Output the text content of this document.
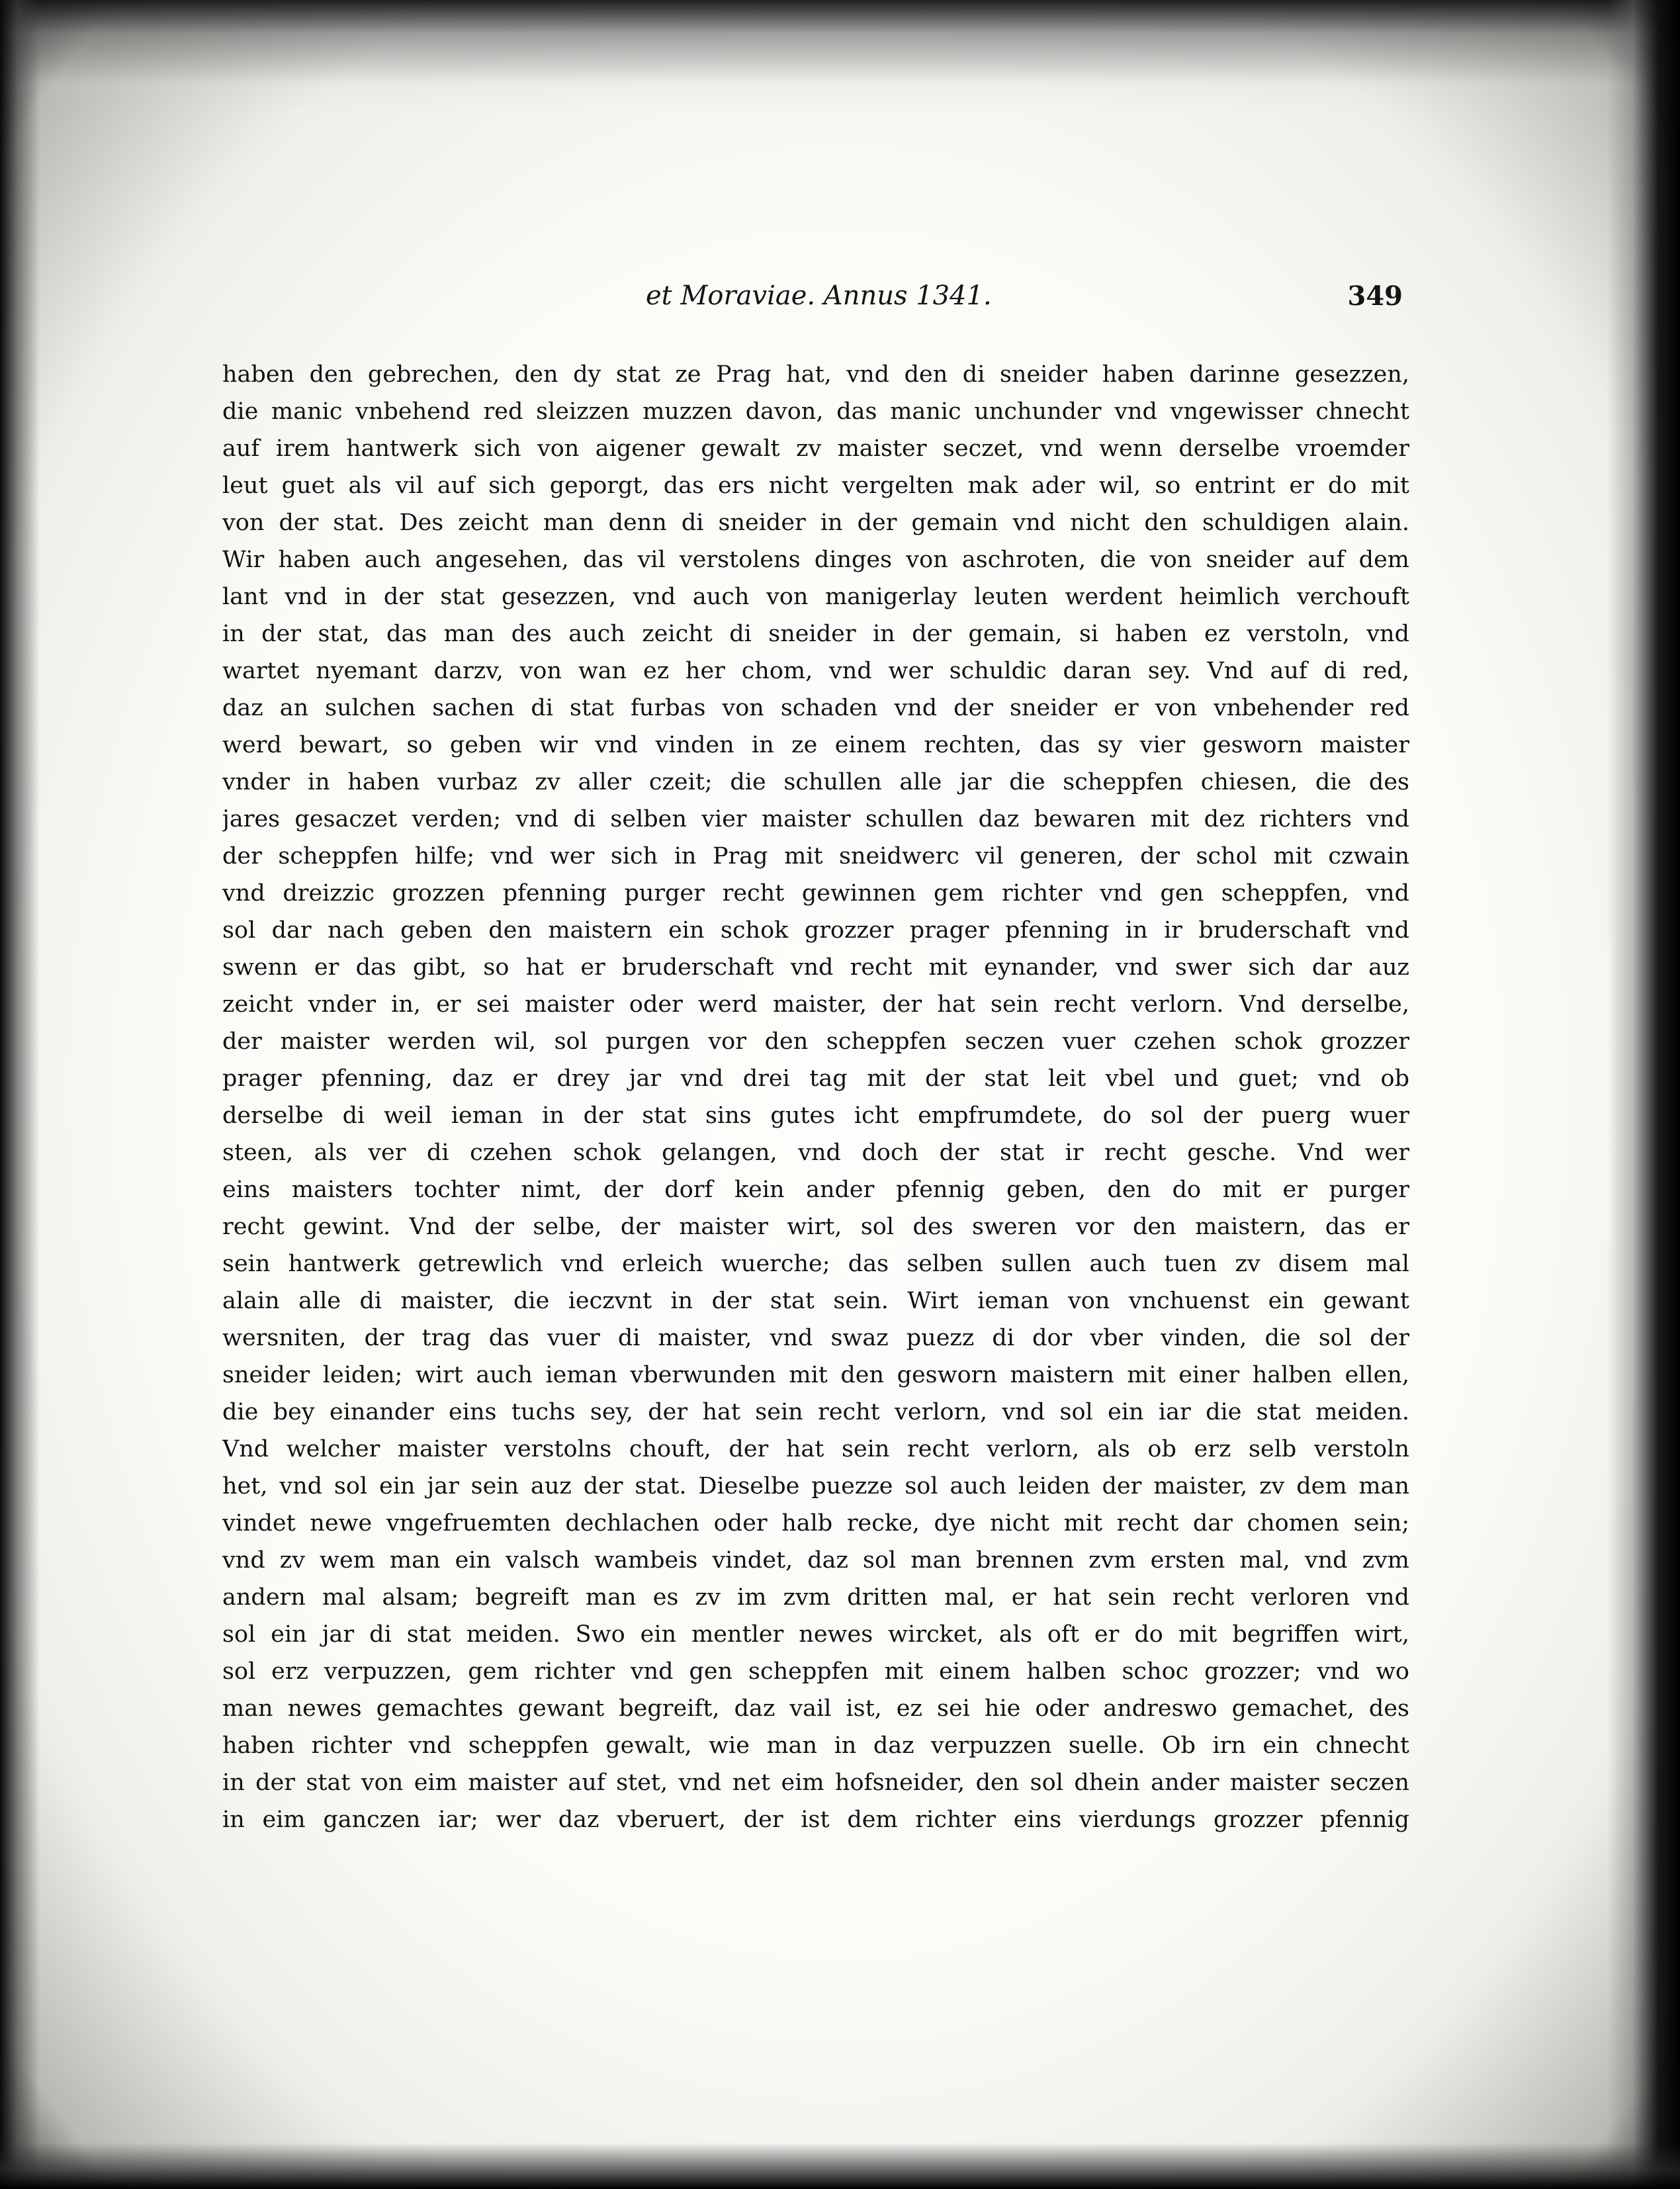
et Moraviae. Annus 1341.	349
haben den gebrechen, den dy stat ze Prag hat, vnd den di sneider haben darinne gesezzen,
die manic vnbehend red sleizzen muzzen davon, das manic unchunder vnd vngewisser chnecht
auf irem hantwerk sich von aigener gewalt zv maister seczet, vnd wenn derselbe vroemder
leut guet als vil auf sich geporgt, das ers nicht vergelten mak ader wil, so entrint er do mit
von der stat. Des zeicht man denn di sneider in der gemain vnd nicht den schuldigen alain.
Wir haben auch angesehen, das vil verstolens dinges von aschroten, die von sneider auf dem
lant vnd in der stat gesezzen, vnd auch von manigerlay leuten werdent heimlich verchouft
in der stat, das man des auch zeicht di sneider in der gemain, si haben ez verstoln, vnd
wartet nyemant darzv, von wan ez her chom, vnd wer schuldic daran sey. Vnd auf di red,
daz an sulchen sachen di stat furbas von schaden vnd der sneider er von vnbehender red
werd bewart, so geben wir vnd vinden in ze einem rechten, das sy vier gesworn maister
vnder in haben vurbaz zv aller czeit; die schullen alle jar die scheppfen chiesen, die des
jares gesaczet verden; vnd di selben vier maister schullen daz bewaren mit dez richters vnd
der scheppfen hilfe; vnd wer sich in Prag mit sneidwerc vil generen, der schol mit czwain
vnd dreizzic grozzen pfenning purger recht gewinnen gem richter vnd gen scheppfen, vnd
sol dar nach geben den maistern ein schok grozzer prager pfenning in ir bruderschaft vnd
swenn er das gibt, so hat er bruderschaft vnd recht mit eynander, vnd swer sich dar auz
zeicht vnder in, er sei maister oder werd maister, der hat sein recht verlorn. Vnd derselbe,
der maister werden wil, sol purgen vor den scheppfen seczen vuer czehen schok grozzer
prager pfenning, daz er drey jar vnd drei tag mit der stat leit vbel und guet; vnd ob
derselbe di weil ieman in der stat sins gutes icht empfrumdete, do sol der puerg wuer
steen, als ver di czehen schok gelangen, vnd doch der stat ir recht gesche. Vnd wer
eins maisters tochter nimt, der dorf kein ander pfennig geben, den do mit er purger
recht gewint. Vnd der selbe, der maister wirt, sol des sweren vor den maistern, das er
sein hantwerk getrewlich vnd erleich wuerche; das selben sullen auch tuen zv disem mal
alain alle di maister, die ieczvnt in der stat sein. Wirt ieman von vnchuenst ein gewant
wersniten, der trag das vuer di maister, vnd swaz puezz di dor vber vinden, die sol der
sneider leiden; wirt auch ieman vberwunden mit den gesworn maistern mit einer halben ellen,
die bey einander eins tuchs sey, der hat sein recht verlorn, vnd sol ein iar die stat meiden.
Vnd welcher maister verstolns chouft, der hat sein recht verlorn, als ob erz selb verstoln
het, vnd sol ein jar sein auz der stat. Dieselbe puezze sol auch leiden der maister, zv dem man
vindet newe vngefruemten dechlachen oder halb recke, dye nicht mit recht dar chomen sein;
vnd zv wem man ein valsch wambeis vindet, daz sol man brennen zvm ersten mal, vnd zvm
andern mal alsam; begreift man es zv im zvm dritten mal, er hat sein recht verloren vnd
sol ein jar di stat meiden. Swo ein mentler newes wircket, als oft er do mit begriffen wirt,
sol erz verpuzzen, gem richter vnd gen scheppfen mit einem halben schoc grozzer; vnd wo
man newes gemachtes gewant begreift, daz vail ist, ez sei hie oder andreswo gemachet, des
haben richter vnd scheppfen gewalt, wie man in daz verpuzzen suelle. Ob irn ein chnecht
in der stat von eim maister auf stet, vnd net eim hofsneider, den sol dhein ander maister seczen
in eim ganczen iar; wer daz vberuert, der ist dem richter eins vierdungs grozzer pfennig
